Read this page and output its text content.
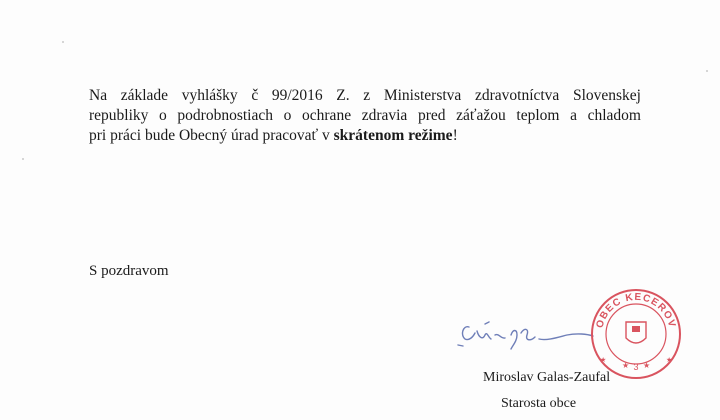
Na základe vyhlášky č 99/2016 Z. z Ministerstva zdravotníctva Slovenskej
republiky o podrobnostiach o ochrane zdravia pred záťažou teplom a chladom
pri práci bude Obecný úrad pracovať v skrátenom režime!
S pozdravom
OBEC KECEROV
★ ★
3
★	★
Miroslav Galas-Zaufal
Starosta obce
